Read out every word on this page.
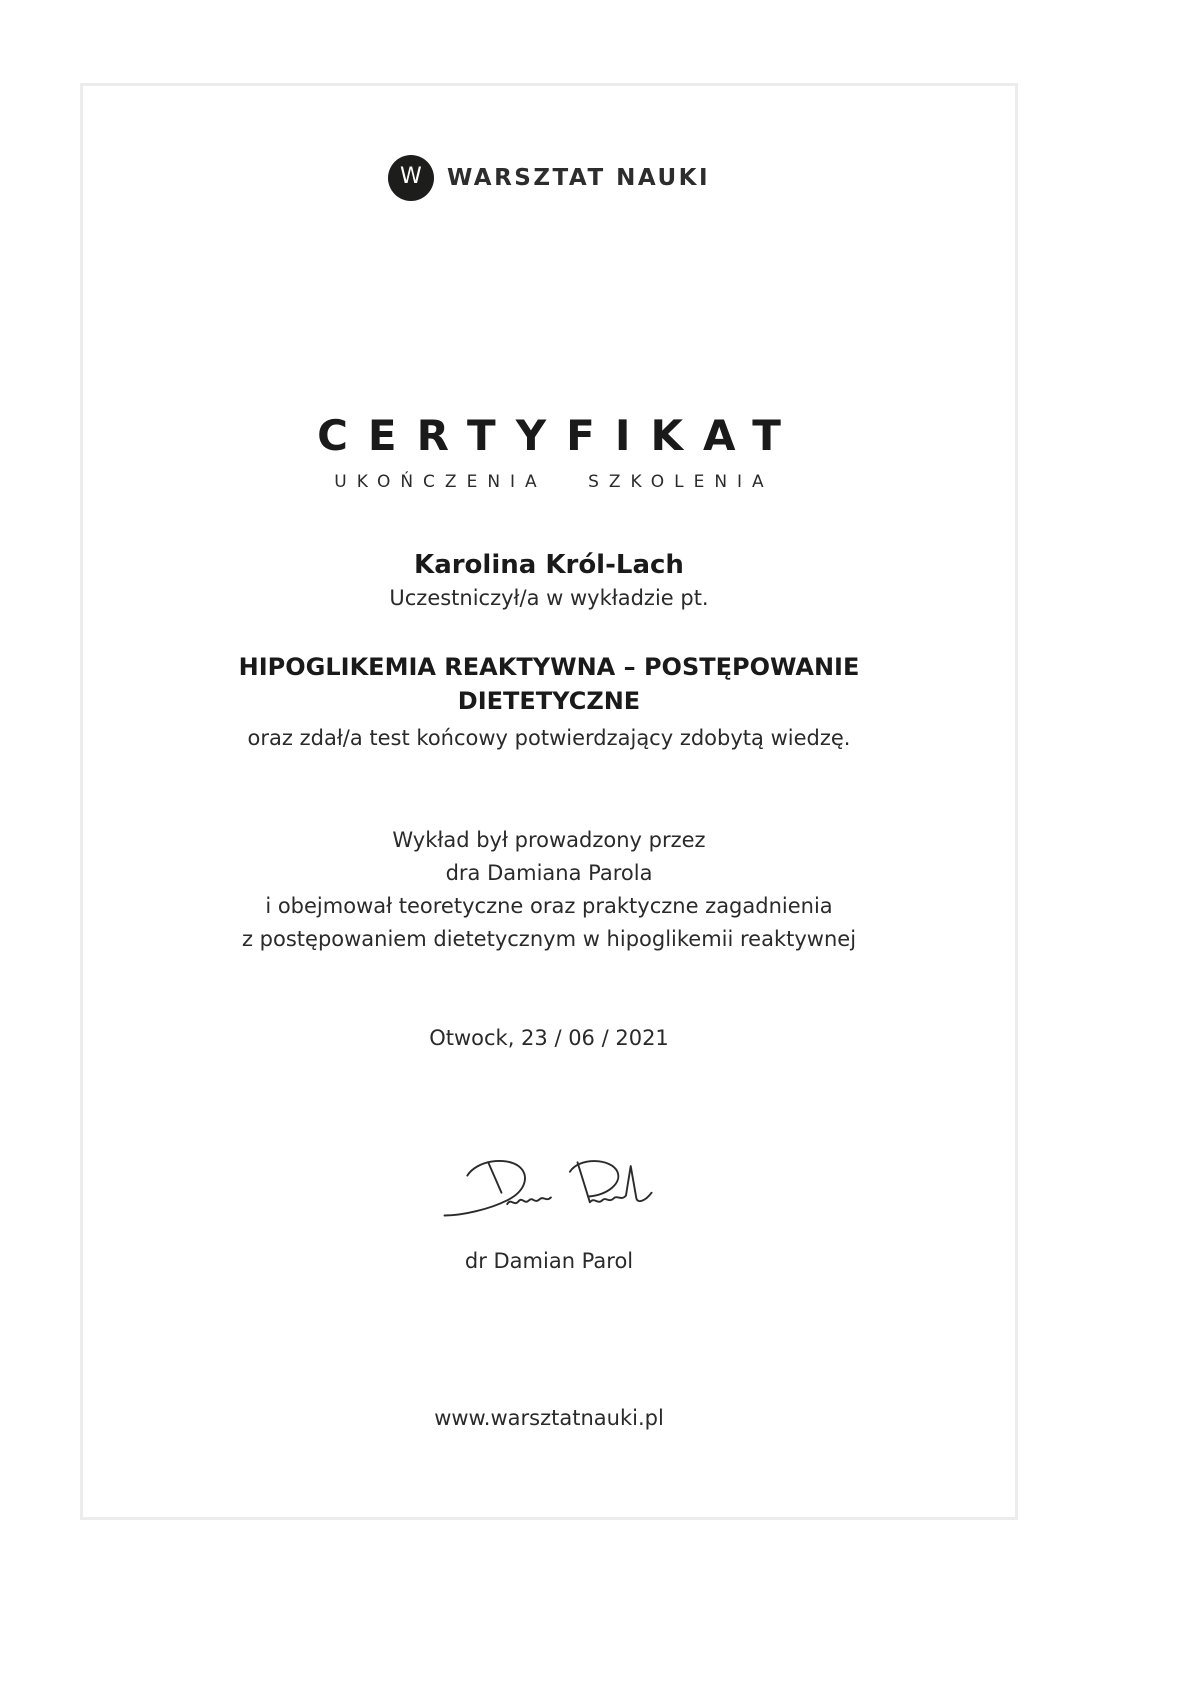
W WARSZTAT NAUKI
CERTYFIKAT
UKOŃCZENIA SZKOLENIA
Karolina Król-Lach
Uczestniczył/a w wykładzie pt.
HIPOGLIKEMIA REAKTYWNA – POSTĘPOWANIE DIETETYCZNE
oraz zdał/a test końcowy potwierdzający zdobytą wiedzę.
Wykład był prowadzony przez
dra Damiana Parola
i obejmował teoretyczne oraz praktyczne zagadnienia
z postępowaniem dietetycznym w hipoglikemii reaktywnej
Otwock, 23 / 06 / 2021
dr Damian Parol
www.warsztatnauki.pl
